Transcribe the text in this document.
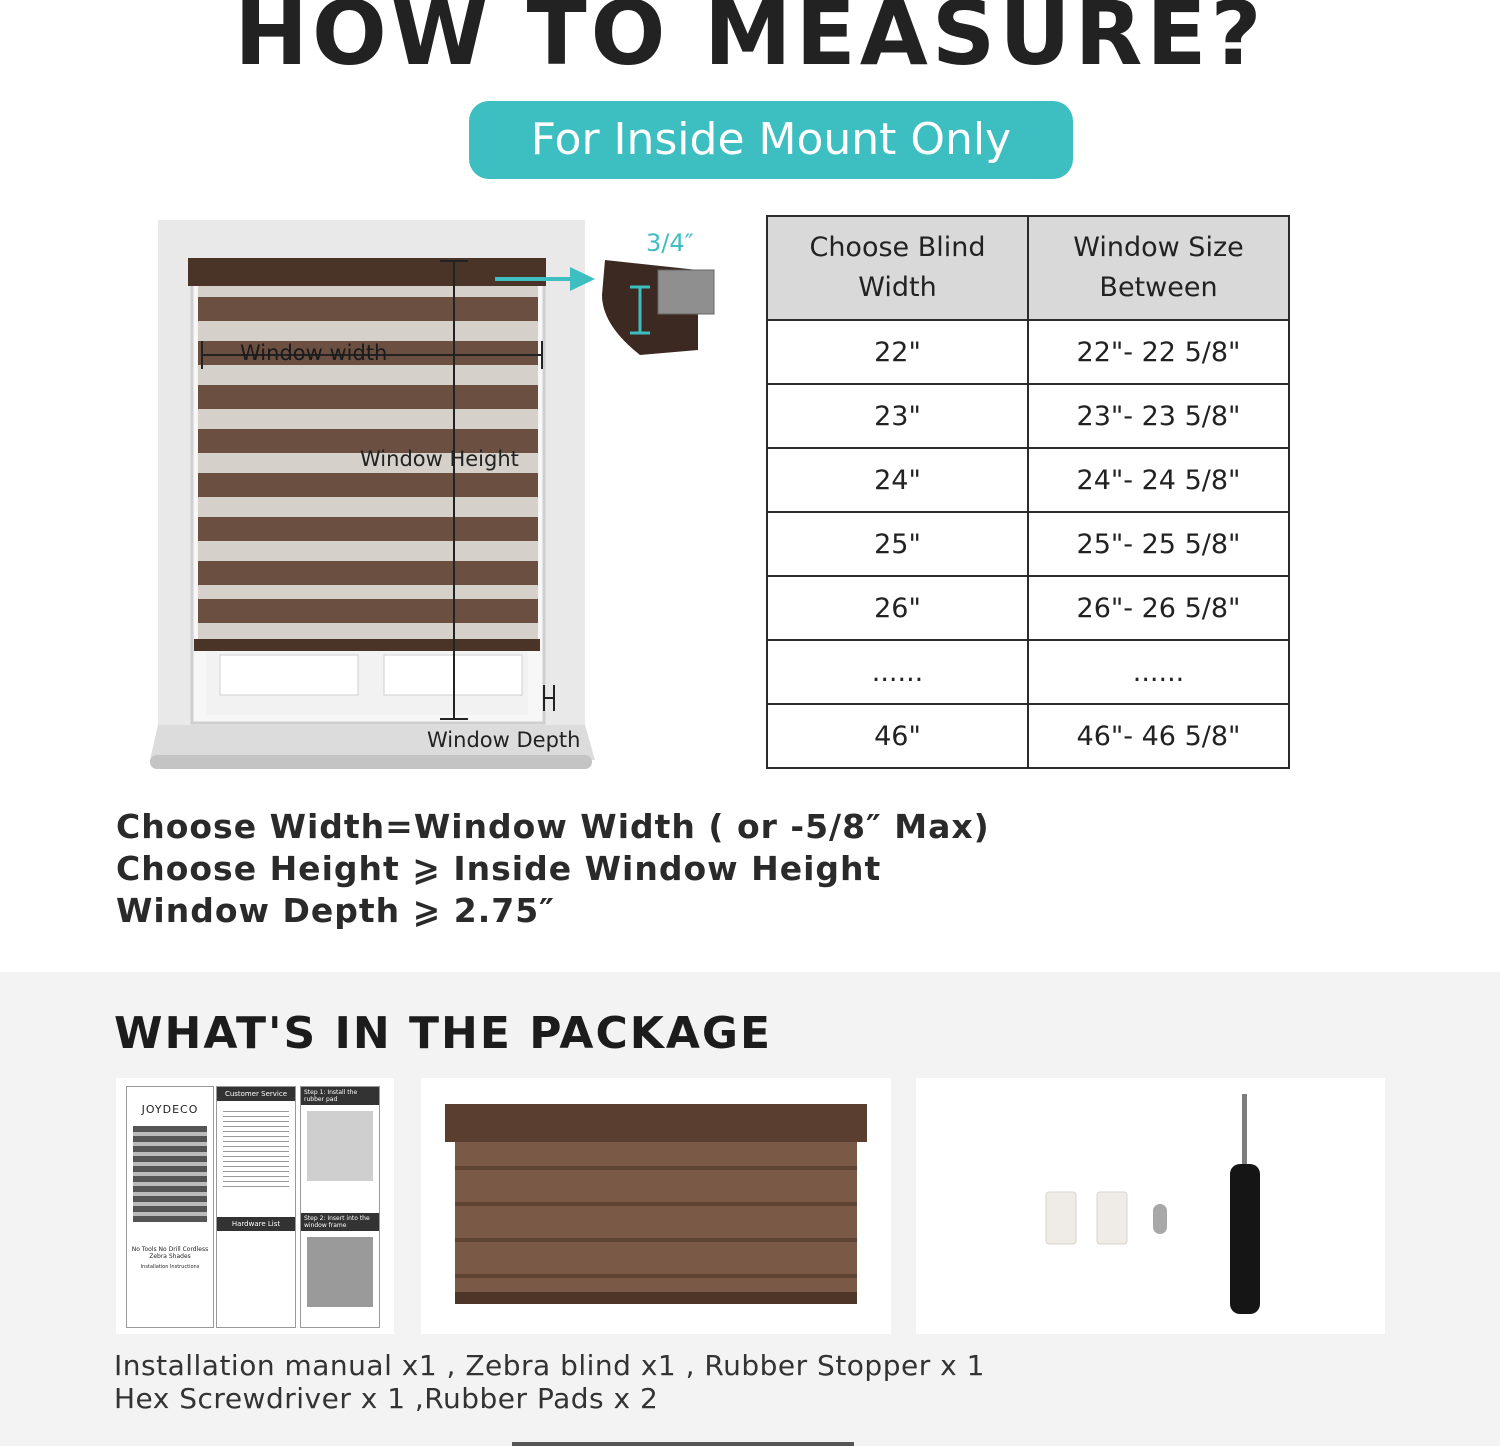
HOW TO MEASURE?
For Inside Mount Only
Window width
Window Height
Window Depth
3/4″	Choose Blind Width	Window Size Between
22"	22"- 22 5/8"
23"	23"- 23 5/8"
24"	24"- 24 5/8"
25"	25"- 25 5/8"
26"	26"- 26 5/8"
......	......
46"	46"- 46 5/8"
Choose Width=Window Width ( or -5/8″ Max)
Choose Height ⩾ Inside Window Height
Window Depth ⩾ 2.75″
WHAT'S IN THE PACKAGE
JOYDECO
No Tools No Drill Cordless Zebra Shades
Installation Instructions
Customer Service
Hardware List
Step 1: Install the rubber pad
Step 2: Insert into the window frame
Installation manual x1 , Zebra blind x1 , Rubber Stopper x 1
Hex Screwdriver x 1 ,Rubber Pads x 2
